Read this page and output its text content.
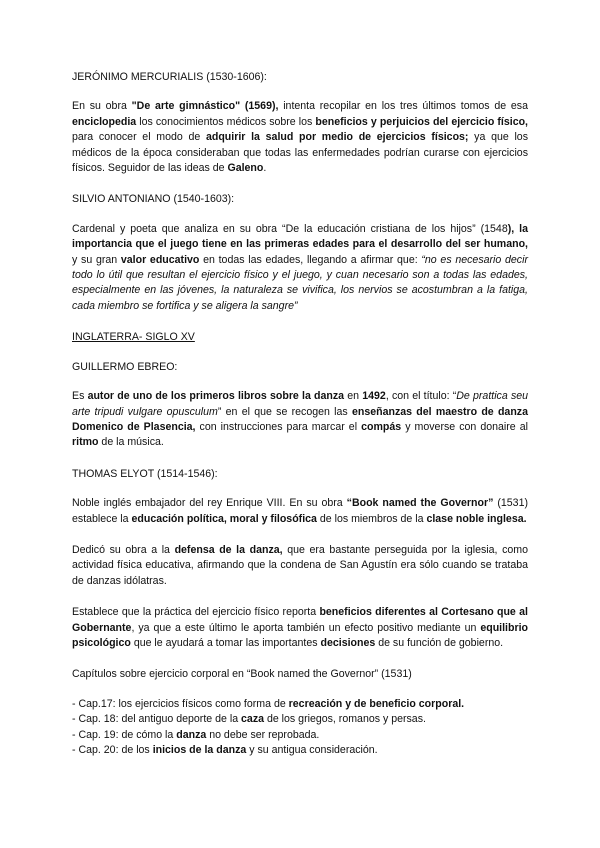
JERÓNIMO MERCURIALIS (1530-1606):

En su obra "De arte gimnástico" (1569), intenta recopilar en los tres últimos tomos de esa enciclopedia los conocimientos médicos sobre los beneficios y perjuicios del ejercicio físico, para conocer el modo de adquirir la salud por medio de ejercicios físicos; ya que los médicos de la época consideraban que todas las enfermedades podrían curarse con ejercicios físicos. Seguidor de las ideas de Galeno.

SILVIO ANTONIANO (1540-1603):

Cardenal y poeta que analiza en su obra “De la educación cristiana de los hijos” (1548), la importancia que el juego tiene en las primeras edades para el desarrollo del ser humano, y su gran valor educativo en todas las edades, llegando a afirmar que: “no es necesario decir todo lo útil que resultan el ejercicio físico y el juego, y cuan necesario son a todas las edades, especialmente en las jóvenes, la naturaleza se vivifica, los nervios se acostumbran a la fatiga, cada miembro se fortifica y se aligera la sangre”

INGLATERRA- SIGLO XV

GUILLERMO EBREO:

Es autor de uno de los primeros libros sobre la danza en 1492, con el título: “De prattica seu arte tripudi vulgare opusculum” en el que se recogen las enseñanzas del maestro de danza Domenico de Plasencia, con instrucciones para marcar el compás y moverse con donaire al ritmo de la música.

THOMAS ELYOT (1514-1546):

Noble inglés embajador del rey Enrique VIII. En su obra “Book named the Governor” (1531) establece la educación política, moral y filosófica de los miembros de la clase noble inglesa.

Dedicó su obra a la defensa de la danza, que era bastante perseguida por la iglesia, como actividad física educativa, afirmando que la condena de San Agustín era sólo cuando se trataba de danzas idólatras.

Establece que la práctica del ejercicio físico reporta beneficios diferentes al Cortesano que al Gobernante, ya que a este último le aporta también un efecto positivo mediante un equilibrio psicológico que le ayudará a tomar las importantes decisiones de su función de gobierno.

Capítulos sobre ejercicio corporal en “Book named the Governor” (1531)

- Cap.17: los ejercicios físicos como forma de recreación y de beneficio corporal.
- Cap. 18: del antiguo deporte de la caza de los griegos, romanos y persas.
- Cap. 19: de cómo la danza no debe ser reprobada.
- Cap. 20: de los inicios de la danza y su antigua consideración.
